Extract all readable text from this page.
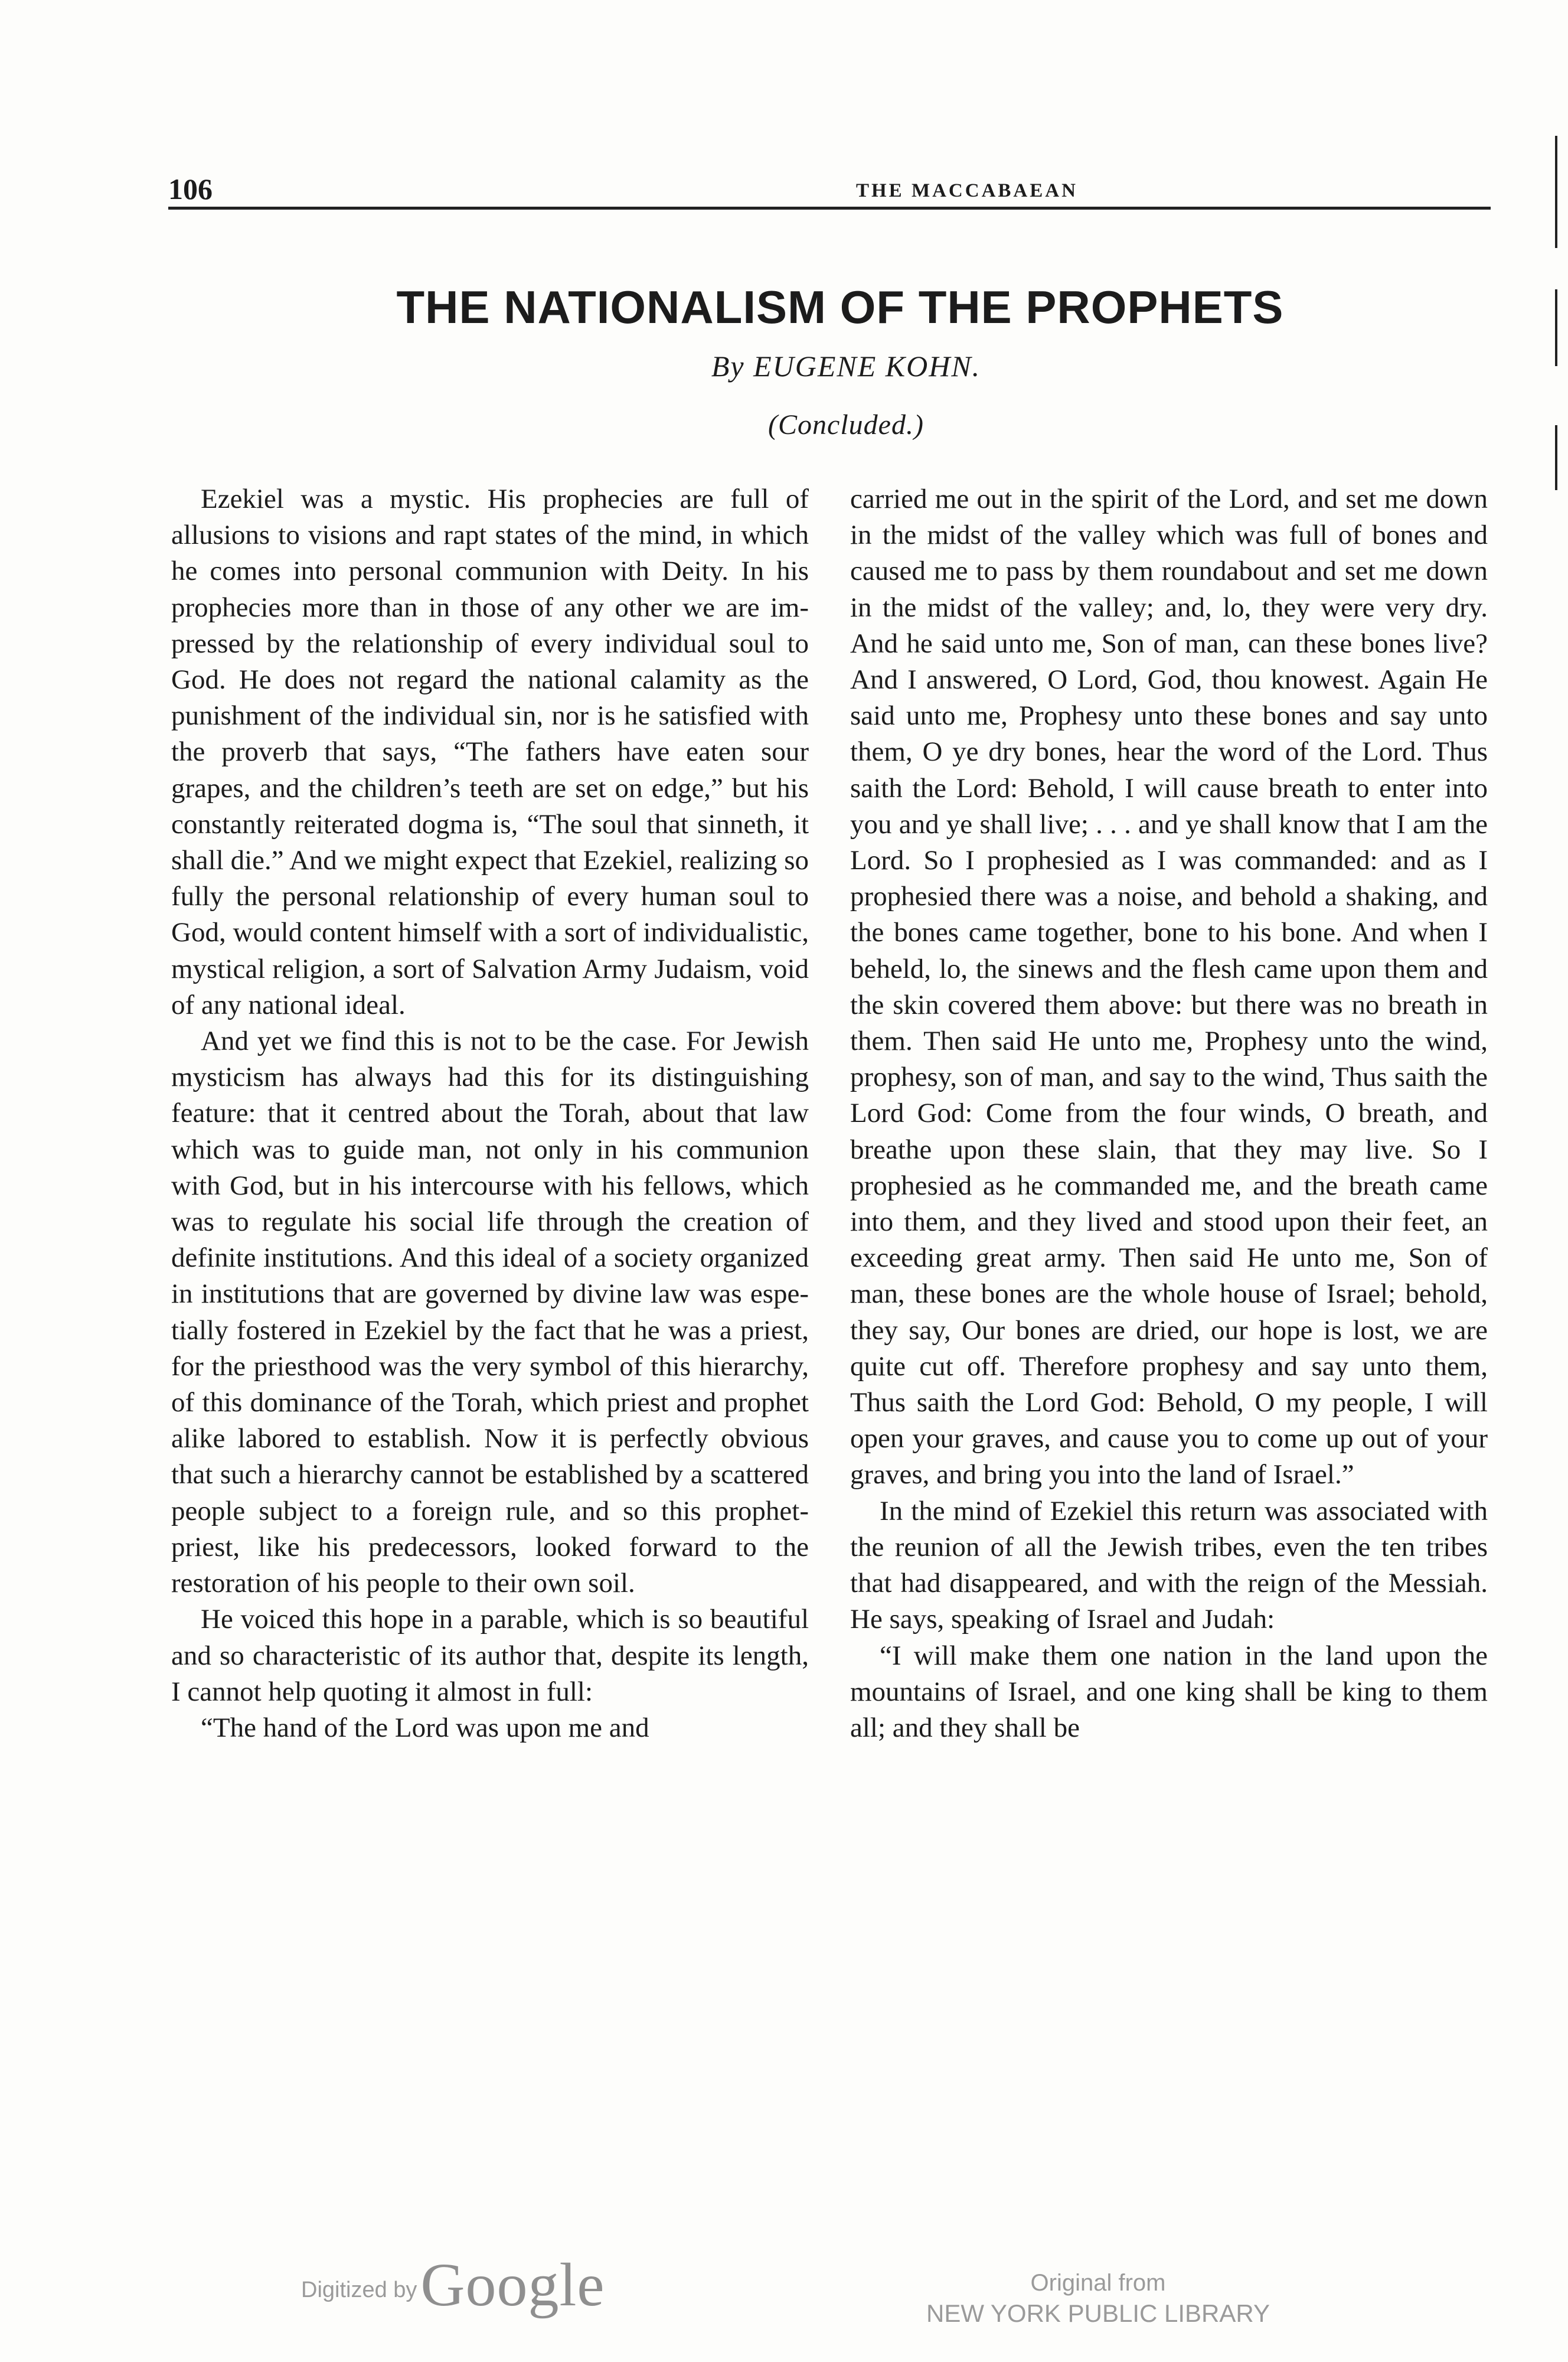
106	THE MACCABAEAN
THE NATIONALISM OF THE PROPHETS
By EUGENE KOHN.
(Concluded.)

Ezekiel was a mystic. His prophecies are full of allusions to visions and rapt states of the mind, in which he comes into personal communion with Deity. In his prophecies more than in those of any other we are impressed by the relationship of every individual soul to God. He does not regard the national calamity as the punishment of the individual sin, nor is he satisfied with the proverb that says, “The fathers have eaten sour grapes, and the children’s teeth are set on edge,” but his constantly reiterated dogma is, “The soul that sinneth, it shall die.” And we might expect that Ezekiel, realizing so fully the personal relationship of every human soul to God, would content himself with a sort of individualistic, mystical religion, a sort of Salvation Army Judaism, void of any national ideal.

And yet we find this is not to be the case. For Jewish mysticism has always had this for its distinguishing feature: that it centred about the Torah, about that law which was to guide man, not only in his communion with God, but in his intercourse with his fellows, which was to regulate his social life through the creation of definite institutions. And this ideal of a society organized in institutions that are governed by divine law was espetially fostered in Ezekiel by the fact that he was a priest, for the priesthood was the very symbol of this hierarchy, of this dominance of the Torah, which priest and prophet alike labored to establish. Now it is perfectly obvious that such a hierarchy cannot be established by a scattered people subject to a foreign rule, and so this prophet-priest, like his predecessors, looked forward to the restoration of his people to their own soil.

He voiced this hope in a parable, which is so beautiful and so characteristic of its author that, despite its length, I cannot help quoting it almost in full:

“The hand of the Lord was upon me and

carried me out in the spirit of the Lord, and set me down in the midst of the valley which was full of bones and caused me to pass by them roundabout and set me down in the midst of the valley; and, lo, they were very dry. And he said unto me, Son of man, can these bones live? And I answered, O Lord, God, thou knowest. Again He said unto me, Prophesy unto these bones and say unto them, O ye dry bones, hear the word of the Lord. Thus saith the Lord: Behold, I will cause breath to enter into you and ye shall live; . . . and ye shall know that I am the Lord. So I prophesied as I was commanded: and as I prophesied there was a noise, and behold a shaking, and the bones came together, bone to his bone. And when I beheld, lo, the sinews and the flesh came upon them and the skin covered them above: but there was no breath in them. Then said He unto me, Prophesy unto the wind, prophesy, son of man, and say to the wind, Thus saith the Lord God: Come from the four winds, O breath, and breathe upon these slain, that they may live. So I prophesied as he commanded me, and the breath came into them, and they lived and stood upon their feet, an exceeding great army. Then said He unto me, Son of man, these bones are the whole house of Israel; behold, they say, Our bones are dried, our hope is lost, we are quite cut off. Therefore prophesy and say unto them, Thus saith the Lord God: Behold, O my people, I will open your graves, and cause you to come up out of your graves, and bring you into the land of Israel.”

In the mind of Ezekiel this return was associated with the reunion of all the Jewish tribes, even the ten tribes that had disappeared, and with the reign of the Messiah. He says, speaking of Israel and Judah:

“I will make them one nation in the land upon the mountains of Israel, and one king shall be king to them all; and they shall be

Digitized byGoogle	Original from
NEW YORK PUBLIC LIBRARY
